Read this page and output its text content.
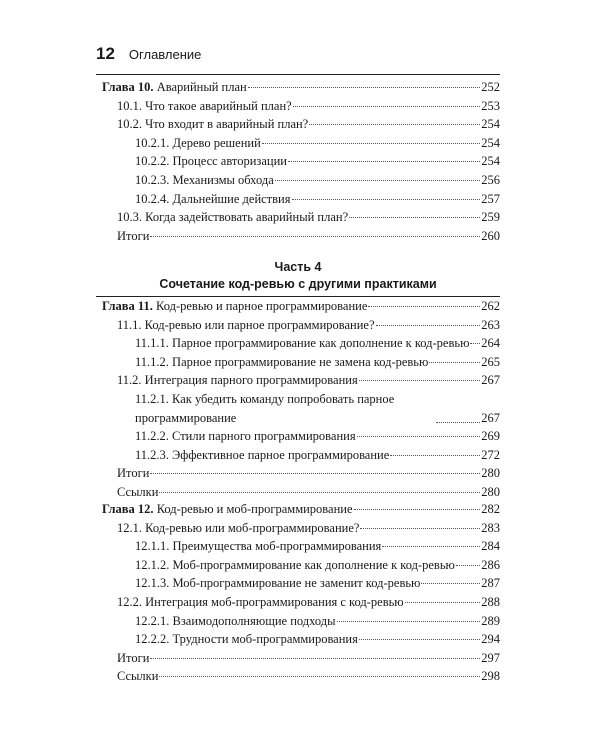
12 Оглавление
Глава 10. Аварийный план	252
10.1. Что такое аварийный план?	253
10.2. Что входит в аварийный план?	254
10.2.1. Дерево решений	254
10.2.2. Процесс авторизации	254
10.2.3. Механизмы обхода	256
10.2.4. Дальнейшие действия	257
10.3. Когда задействовать аварийный план?	259
Итоги	260
Часть 4
Сочетание код-ревью с другими практиками
Глава 11. Код-ревью и парное программирование	262
11.1. Код-ревью или парное программирование?	263
11.1.1. Парное программирование как дополнение к код-ревью 264
11.1.2. Парное программирование не замена код-ревью	265
11.2. Интеграция парного программирования	267
11.2.1. Как убедить команду попробовать парное программирование	267
11.2.2. Стили парного программирования	269
11.2.3. Эффективное парное программирование	272
Итоги	280
Ссылки	280
Глава 12. Код-ревью и моб-программирование	282
12.1. Код-ревью или моб-программирование?	283
12.1.1. Преимущества моб-программирования	284
12.1.2. Моб-программирование как дополнение к код-ревью 286
12.1.3. Моб-программирование не заменит код-ревью	287
12.2. Интеграция моб-программирования с код-ревью	288
12.2.1. Взаимодополняющие подходы	289
12.2.2. Трудности моб-программирования	294
Итоги	297
Ссылки	298
